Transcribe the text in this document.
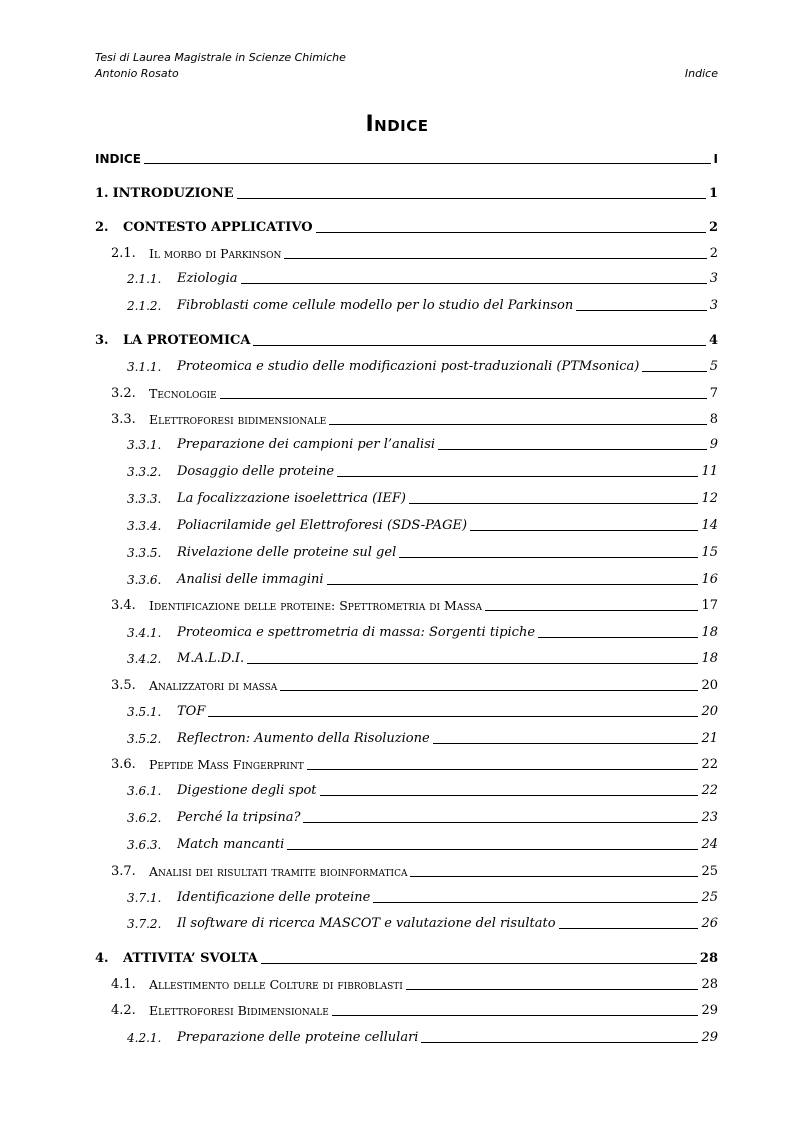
Tesi di Laurea Magistrale in Scienze Chimiche
Antonio Rosato	Indice
Indice
INDICE	I
1. INTRODUZIONE	1
2.	CONTESTO APPLICATIVO	2
2.1.	Il morbo di Parkinson	2
2.1.1.	Eziologia	3
2.1.2.	Fibroblasti come cellule modello per lo studio del Parkinson	3
3.	LA PROTEOMICA	4
3.1.1.	Proteomica e studio delle modificazioni post-traduzionali (PTMsonica)	5
3.2.	Tecnologie	7
3.3.	Elettroforesi bidimensionale	8
3.3.1.	Preparazione dei campioni per l’analisi	9
3.3.2.	Dosaggio delle proteine	11
3.3.3.	La focalizzazione isoelettrica (IEF)	12
3.3.4.	Poliacrilamide gel Elettroforesi (SDS-PAGE)	14
3.3.5.	Rivelazione delle proteine sul gel	15
3.3.6.	Analisi delle immagini	16
3.4.	Identificazione delle proteine: Spettrometria di Massa	17
3.4.1.	Proteomica e spettrometria di massa: Sorgenti tipiche	18
3.4.2.	M.A.L.D.I.	18
3.5.	Analizzatori di massa	20
3.5.1.	TOF	20
3.5.2.	Reflectron: Aumento della Risoluzione	21
3.6.	Peptide Mass Fingerprint	22
3.6.1.	Digestione degli spot	22
3.6.2.	Perché la tripsina?	23
3.6.3.	Match mancanti	24
3.7.	Analisi dei risultati tramite bioinformatica	25
3.7.1.	Identificazione delle proteine	25
3.7.2.	Il software di ricerca MASCOT e valutazione del risultato	26
4.	ATTIVITA’ SVOLTA	28
4.1.	Allestimento delle Colture di fibroblasti	28
4.2.	Elettroforesi Bidimensionale	29
4.2.1.	Preparazione delle proteine cellulari	29
